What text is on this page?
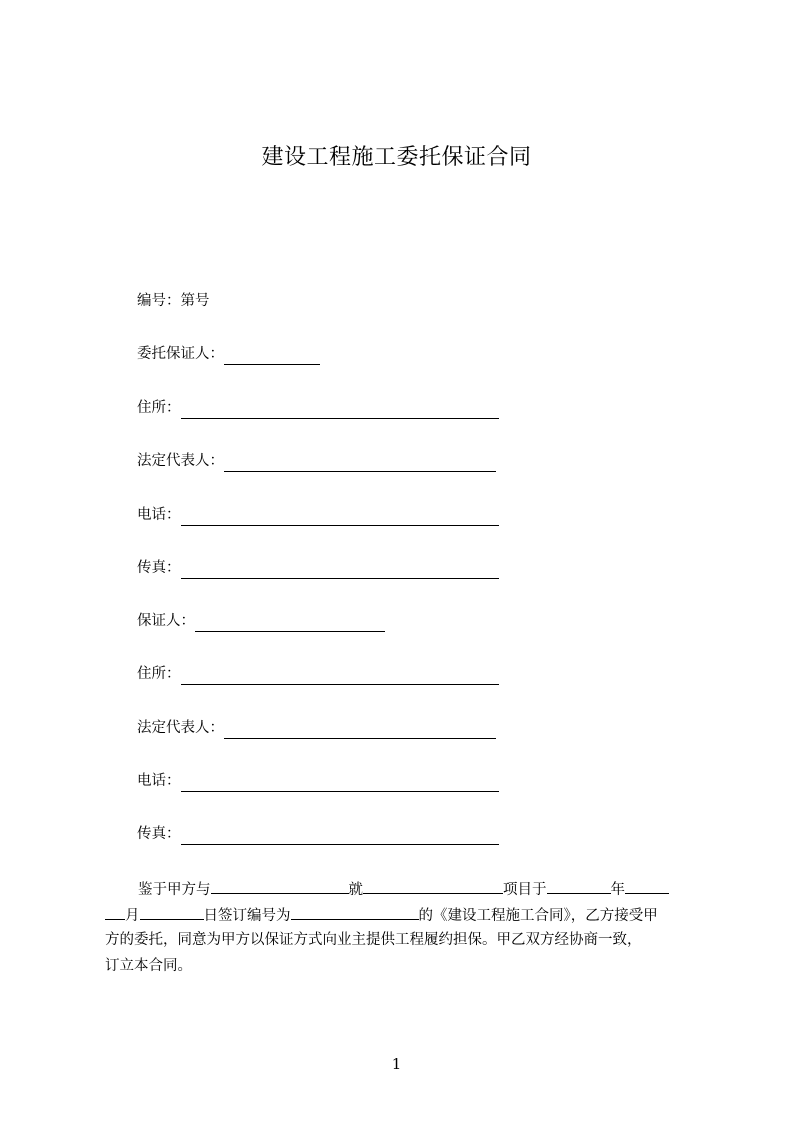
建设工程施工委托保证合同
编号：第号
委托保证人：
住所：
法定代表人：
电话：
传真：
保证人：
住所：
法定代表人：
电话：
传真：
鉴于甲方与	就	项目于	年
月	日签订编号为	的《建设工程施工合同》，乙方接受甲
方的委托，同意为甲方以保证方式向业主提供工程履约担保。甲乙双方经协商一致，
订立本合同。
1
